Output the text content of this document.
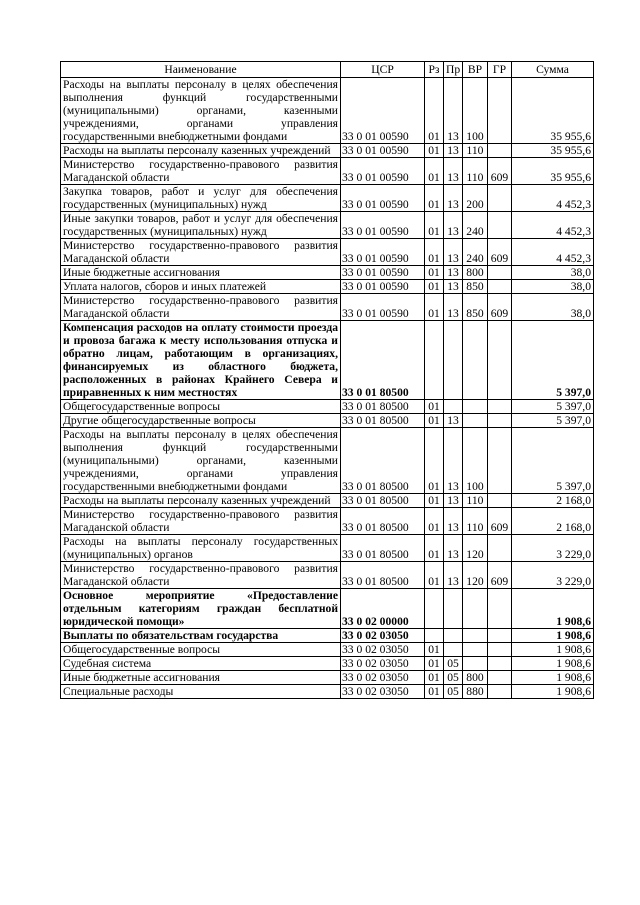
Наименование	ЦСР	Рз	Пр	ВР	ГР	Сумма
Расходы на выплаты персоналу в целях обеспечения выполнения функций государственными (муниципальными) органами, казенными учреждениями, органами управления государственными внебюджетными фондами	33 0 01 00590	01	13	100		35 955,6
Расходы на выплаты персоналу казенных учреждений	33 0 01 00590	01	13	110		35 955,6
Министерство государственно-правового развития Магаданской области	33 0 01 00590	01	13	110	609	35 955,6
Закупка товаров, работ и услуг для обеспечения государственных (муниципальных) нужд	33 0 01 00590	01	13	200		4 452,3
Иные закупки товаров, работ и услуг для обеспечения государственных (муниципальных) нужд	33 0 01 00590	01	13	240		4 452,3
Министерство государственно-правового развития Магаданской области	33 0 01 00590	01	13	240	609	4 452,3
Иные бюджетные ассигнования	33 0 01 00590	01	13	800		38,0
Уплата налогов, сборов и иных платежей	33 0 01 00590	01	13	850		38,0
Министерство государственно-правового развития Магаданской области	33 0 01 00590	01	13	850	609	38,0
Компенсация расходов на оплату стоимости проезда и провоза багажа к месту использования отпуска и обратно лицам, работающим в организациях, финансируемых из областного бюджета, расположенных в районах Крайнего Севера и приравненных к ним местностях	33 0 01 80500					5 397,0
Общегосударственные вопросы	33 0 01 80500	01				5 397,0
Другие общегосударственные вопросы	33 0 01 80500	01	13			5 397,0
Расходы на выплаты персоналу в целях обеспечения выполнения функций государственными (муниципальными) органами, казенными учреждениями, органами управления государственными внебюджетными фондами	33 0 01 80500	01	13	100		5 397,0
Расходы на выплаты персоналу казенных учреждений	33 0 01 80500	01	13	110		2 168,0
Министерство государственно-правового развития Магаданской области	33 0 01 80500	01	13	110	609	2 168,0
Расходы на выплаты персоналу государственных (муниципальных) органов	33 0 01 80500	01	13	120		3 229,0
Министерство государственно-правового развития Магаданской области	33 0 01 80500	01	13	120	609	3 229,0
Основное мероприятие «Предоставление отдельным категориям граждан бесплатной юридической помощи»	33 0 02 00000					1 908,6
Выплаты по обязательствам государства	33 0 02 03050					1 908,6
Общегосударственные вопросы	33 0 02 03050	01				1 908,6
Судебная система	33 0 02 03050	01	05			1 908,6
Иные бюджетные ассигнования	33 0 02 03050	01	05	800		1 908,6
Специальные расходы	33 0 02 03050	01	05	880		1 908,6
